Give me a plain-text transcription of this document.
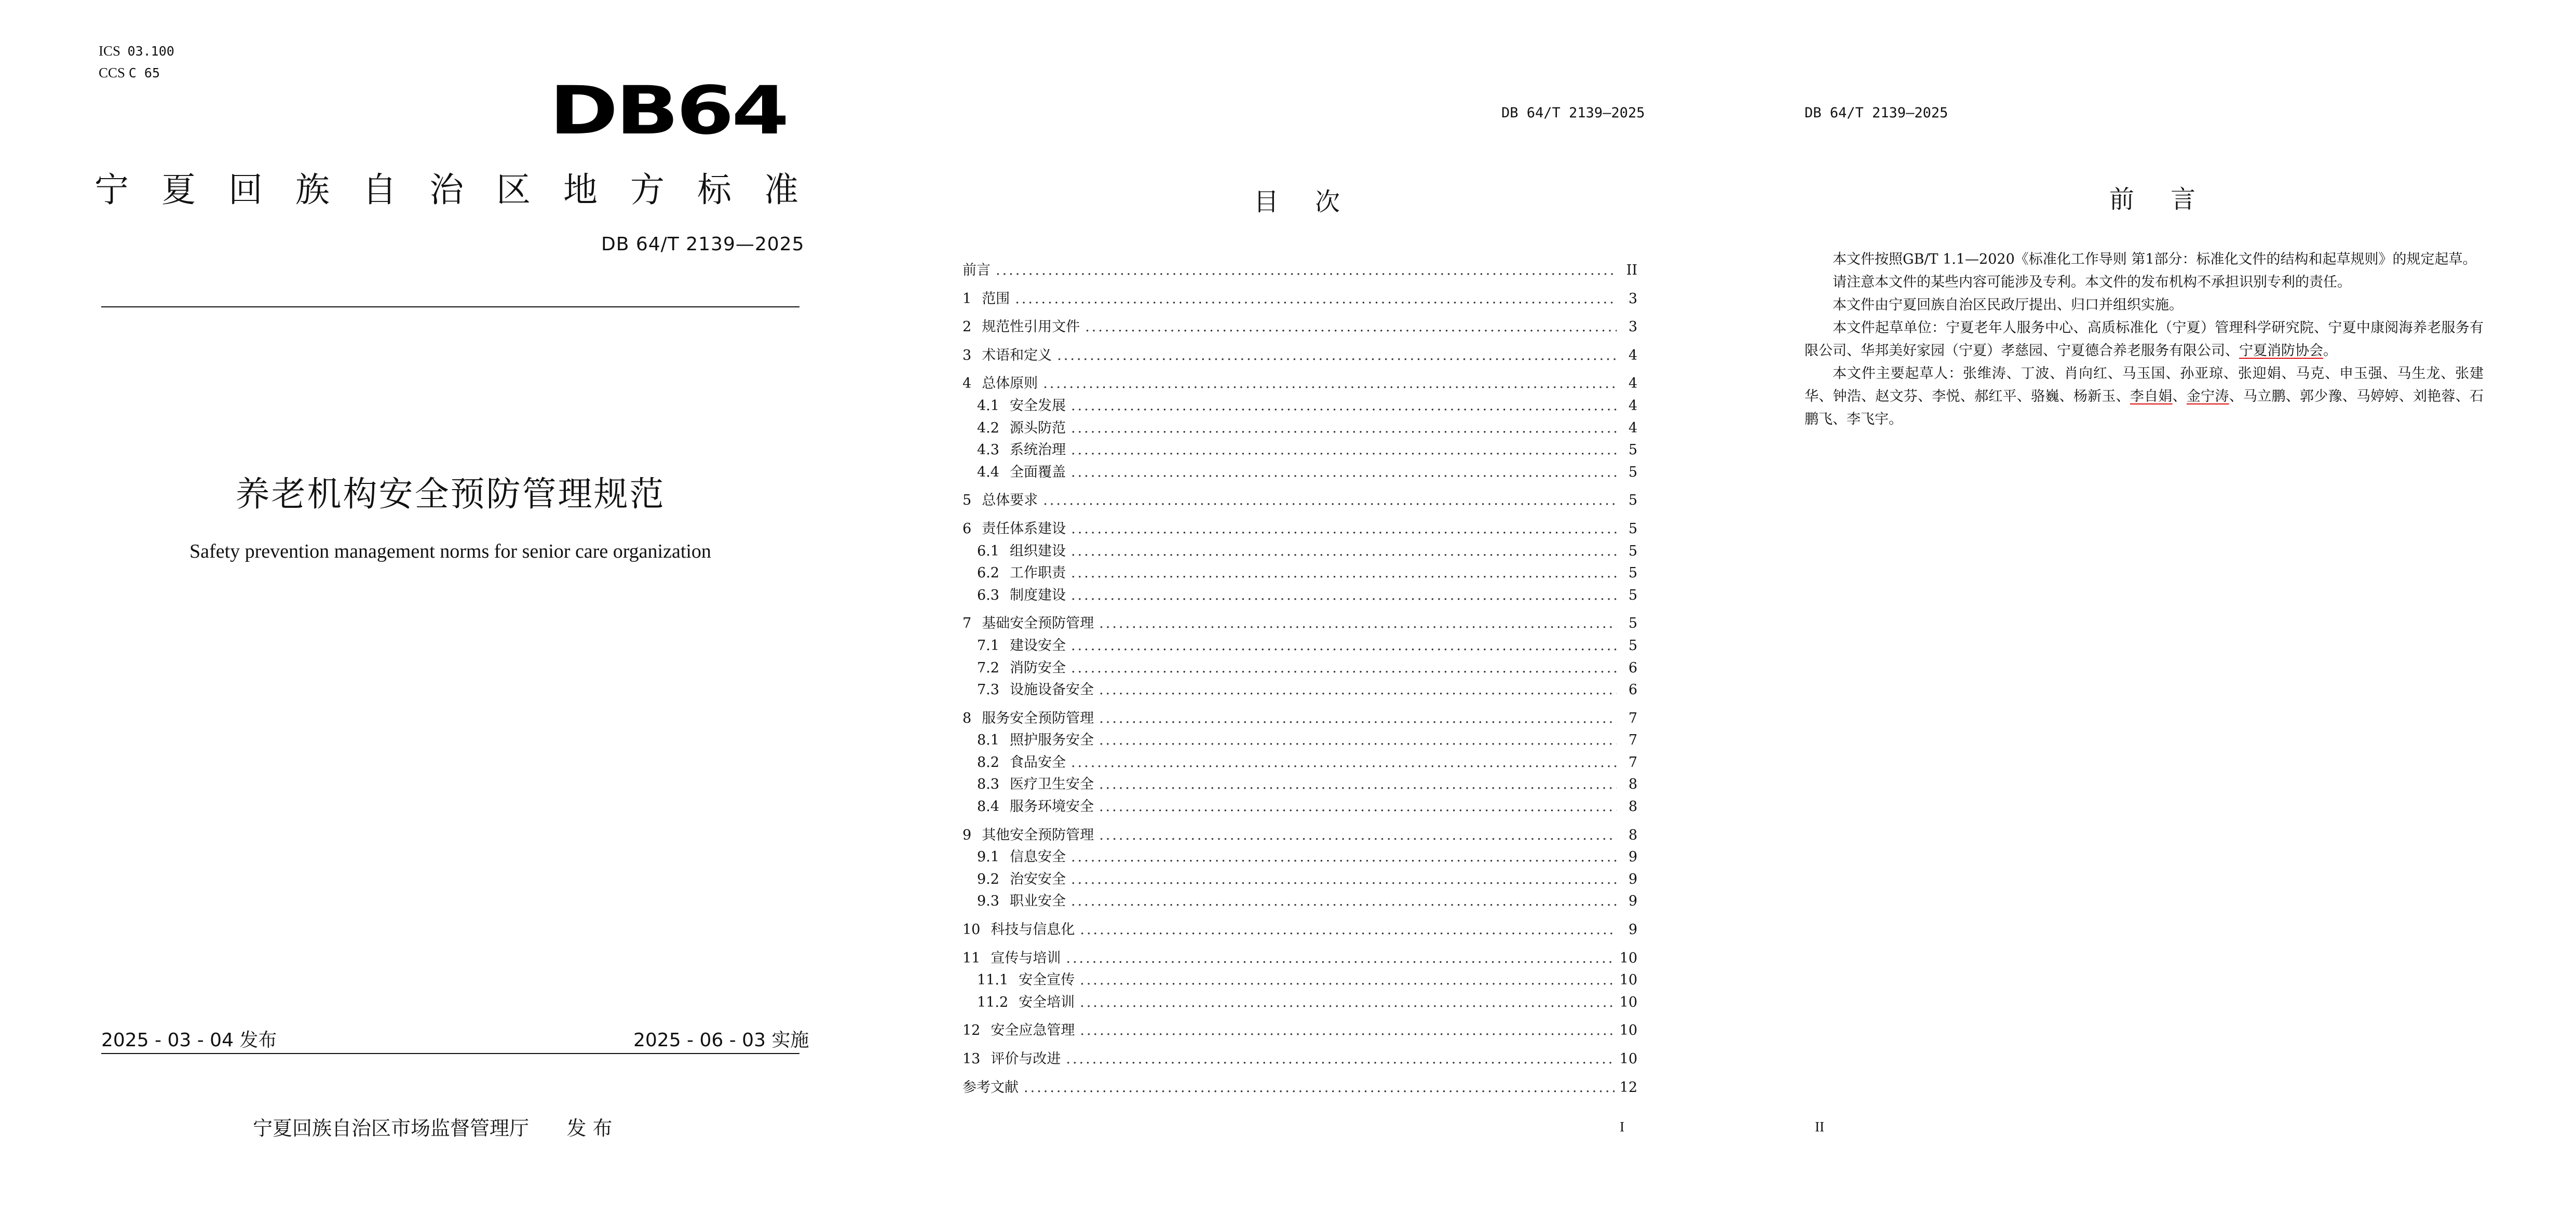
ICS 03.100
CCS C 65	DB64
宁夏回族自治区地方标准
DB 64/T 2139—2025
养老机构安全预防管理规范
Safety prevention management norms for senior care organization
2025 - 03 - 04 发布	2025 - 06 - 03 实施
宁夏回族自治区市场监督管理厅      发 布
DB 64/T 2139—2025
目次
I
前言 .....	II
1 范围 .....	3
2 规范性引用文件 .....	3
3 术语和定义 .....	4
4 总体原则 .....	4
4.1 安全发展 .....	4
4.2 源头防范 .....	4
4.3 系统治理 .....	5
4.4 全面覆盖 .....	5
5 总体要求 .....	5
6 责任体系建设 .....	5
6.1 组织建设 .....	5
6.2 工作职责 .....	5
6.3 制度建设 .....	5
7 基础安全预防管理 .....	5
7.1 建设安全 .....	5
7.2 消防安全 .....	6
7.3 设施设备安全 .....	6
8 服务安全预防管理 .....	7
8.1 照护服务安全 .....	7
8.2 食品安全 .....	7
8.3 医疗卫生安全 .....	8
8.4 服务环境安全 .....	8
9 其他安全预防管理 .....	8
9.1 信息安全 .....	9
9.2 治安安全 .....	9
9.3 职业安全 .....	9
10 科技与信息化 .....	9
11 宣传与培训 .....	10
11.1 安全宣传 .....	10
11.2 安全培训 .....	10
12 安全应急管理 .....	10
13 评价与改进 .....	10
参考文献 .....	12
DB 64/T 2139—2025
前言
II

本文件按照GB/T 1.1—2020《标准化工作导则 第1部分：标准化文件的结构和起草规则》的规定起草。

请注意本文件的某些内容可能涉及专利。本文件的发布机构不承担识别专利的责任。

本文件由宁夏回族自治区民政厅提出、归口并组织实施。

本文件起草单位：宁夏老年人服务中心、高质标准化（宁夏）管理科学研究院、宁夏中康阅海养老服务有限公司、华邦美好家园（宁夏）孝慈园、宁夏德合养老服务有限公司、宁夏消防协会。

本文件主要起草人：张维涛、丁波、肖向红、马玉国、孙亚琼、张迎娟、马克、申玉强、马生龙、张建华、钟浩、赵文芬、李悦、郝红平、骆巍、杨新玉、李自娟、金宁涛、马立鹏、郭少豫、马婷婷、刘艳蓉、石鹏飞、李飞宇。
